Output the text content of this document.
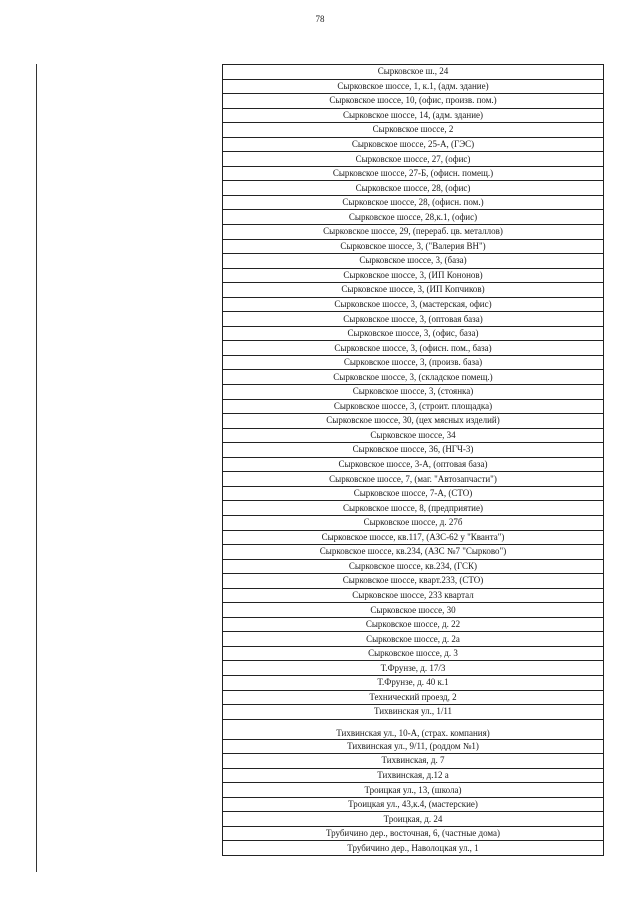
78
Сырковское ш., 24
Сырковское шоссе, 1, к.1, (адм. здание)
Сырковское шоссе, 10, (офис, произв. пом.)
Сырковское шоссе, 14, (адм. здание)
Сырковское шоссе, 2
Сырковское шоссе, 25-А, (ГЭС)
Сырковское шоссе, 27, (офис)
Сырковское шоссе, 27-Б, (офисн. помещ.)
Сырковское шоссе, 28, (офис)
Сырковское шоссе, 28, (офисн. пом.)
Сырковское шоссе, 28,к.1, (офис)
Сырковское шоссе, 29, (перераб. цв. металлов)
Сырковское шоссе, 3, ("Валерия ВН")
Сырковское шоссе, 3, (база)
Сырковское шоссе, 3, (ИП Кононов)
Сырковское шоссе, 3, (ИП Копчиков)
Сырковское шоссе, 3, (мастерская, офис)
Сырковское шоссе, 3, (оптовая база)
Сырковское шоссе, 3, (офис, база)
Сырковское шоссе, 3, (офисн. пом., база)
Сырковское шоссе, 3, (произв. база)
Сырковское шоссе, 3, (складское помещ.)
Сырковское шоссе, 3, (стоянка)
Сырковское шоссе, 3, (строит. площадка)
Сырковское шоссе, 30, (цех мясных изделий)
Сырковское шоссе, 34
Сырковское шоссе, 36, (НГЧ-3)
Сырковское шоссе, 3-А, (оптовая база)
Сырковское шоссе, 7, (маг. "Автозапчасти")
Сырковское шоссе, 7-А, (СТО)
Сырковское шоссе, 8, (предприятие)
Сырковское шоссе, д. 27б
Сырковское шоссе, кв.117, (АЗС-62 у "Кванта")
Сырковское шоссе, кв.234, (АЗС №7 "Сырково")
Сырковское шоссе, кв.234, (ГСК)
Сырковское шоссе, кварт.233, (СТО)
Сырковское шоссе, 233 квартал
Сырковское шоссе, 30
Сырковское шоссе, д. 22
Сырковское шоссе, д. 2а
Сырковское шоссе, д. 3
Т.Фрунзе, д. 17/3
Т.Фрунзе, д. 40 к.1
Технический проезд, 2
Тихвинская ул., 1/11
Тихвинская ул., 10-А, (страх. компания)
Тихвинская ул., 9/11, (роддом №1)
Тихвинская, д. 7
Тихвинская, д.12 а
Троицкая ул., 13, (школа)
Троицкая ул., 43,к.4, (мастерские)
Троицкая, д. 24
Трубичино дер., восточная, 6, (частные дома)
Трубичино дер., Наволоцкая ул., 1
